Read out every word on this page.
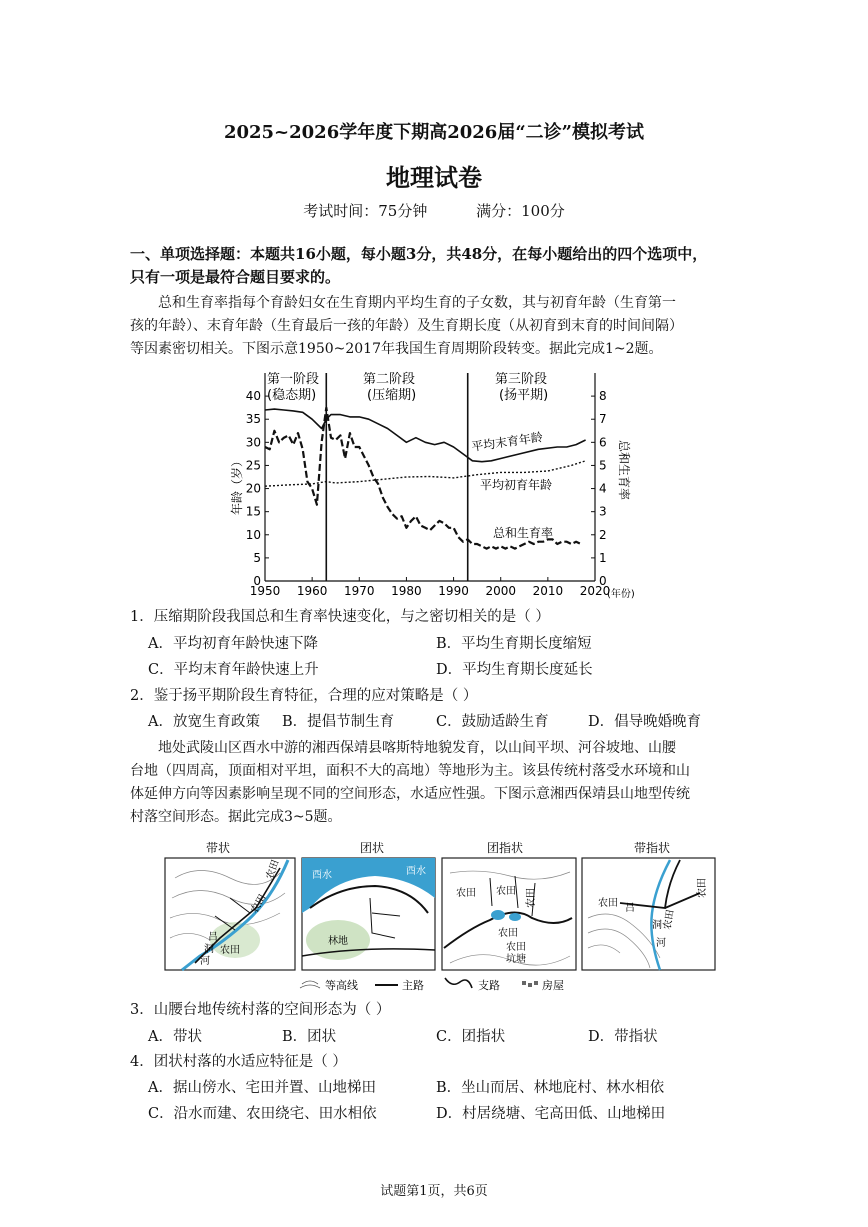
2025~2026学年度下期高2026届“二诊”模拟考试
地理试卷
考试时间：75分钟	满分：100分
一、单项选择题：本题共16小题，每小题3分，共48分，在每小题给出的四个选项中，
只有一项是最符合题目要求的。
总和生育率指每个育龄妇女在生育期内平均生育的子女数，其与初育年龄（生育第一
孩的年龄）、末育年龄（生育最后一孩的年龄）及生育期长度（从初育到末育的时间间隔）
等因素密切相关。下图示意1950~2017年我国生育周期阶段转变。据此完成1~2题。
1950 1960 1970 1980 1990 2000 2010 2020
0
5
10
15
20
25
30
35
40
0
1
2
3
4
5
6
7
8
第一阶段
(稳态期)
第二阶段
(压缩期)
第三阶段
(扬平期)
平均末育年龄
平均初育年龄
总和生育率
年龄（岁）	总和生育率
(年份)
1．压缩期阶段我国总和生育率快速变化，与之密切相关的是（ ）
A．平均初育年龄快速下降	B．平均生育期长度缩短
C．平均末育年龄快速上升	D．平均生育期长度延长
2．鉴于扬平期阶段生育特征，合理的应对策略是（ ）
A．放宽生育政策 B．提倡节制生育	C．鼓励适龄生育	D．倡导晚婚晚育
地处武陵山区酉水中游的湘西保靖县喀斯特地貌发育，以山间平坝、河谷坡地、山腰
台地（四周高，顶面相对平坦，面积不大的高地）等地形为主。该县传统村落受水环境和山
体延伸方向等因素影响呈现不同的空间形态，水适应性强。下图示意湘西保靖县山地型传统
村落空间形态。据此完成3~5题。
带状	团状	团指状	带指状
农田
农田
农田
吕
洞
河
酉水	酉水
林地
农田 农田 农田
农田
农田
坑塘
农田
农田
农田
吕
洞
河
等高线	主路	支路	房屋
3．山腰台地传统村落的空间形态为（ ）
A．带状	B．团状	C．团指状	D．带指状
4．团状村落的水适应特征是（ ）
A．据山傍水、宅田并置、山地梯田	B．坐山而居、林地庇村、林水相依
C．沿水而建、农田绕宅、田水相依	D．村居绕塘、宅高田低、山地梯田
试题第1页，共6页
